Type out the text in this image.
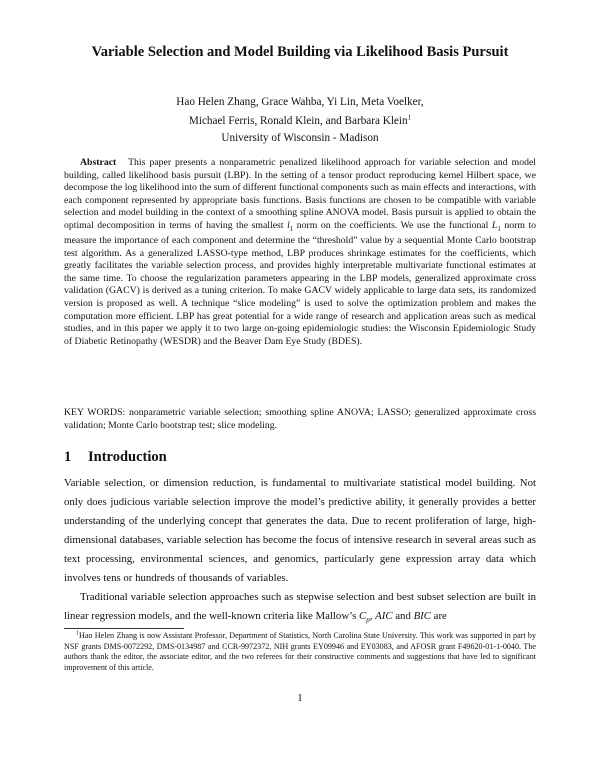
Variable Selection and Model Building via Likelihood Basis Pursuit
Hao Helen Zhang, Grace Wahba, Yi Lin, Meta Voelker,
Michael Ferris, Ronald Klein, and Barbara Klein$^1$
University of Wisconsin - Madison

Abstract This paper presents a nonparametric penalized likelihood approach for variable selection and model building, called likelihood basis pursuit (LBP). In the setting of a tensor product reproducing kernel Hilbert space, we decompose the log likelihood into the sum of different functional components such as main effects and interactions, with each component represented by appropriate basis functions. Basis functions are chosen to be compatible with variable selection and model building in the context of a smoothing spline ANOVA model. Basis pursuit is applied to obtain the optimal decomposition in terms of having the smallest $l_1$ norm on the coefficients. We use the functional $L_1$ norm to measure the importance of each component and determine the “threshold” value by a sequential Monte Carlo bootstrap test algorithm. As a generalized LASSO-type method, LBP produces shrinkage estimates for the coefficients, which greatly facilitates the variable selection process, and provides highly interpretable multivariate functional estimates at the same time. To choose the regularization parameters appearing in the LBP models, generalized approximate cross validation (GACV) is derived as a tuning criterion. To make GACV widely applicable to large data sets, its randomized version is proposed as well. A technique “slice modeling” is used to solve the optimization problem and makes the computation more efficient. LBP has great potential for a wide range of research and application areas such as medical studies, and in this paper we apply it to two large on-going epidemiologic studies: the Wisconsin Epidemiologic Study of Diabetic Retinopathy (WESDR) and the Beaver Dam Eye Study (BDES).

KEY WORDS: nonparametric variable selection; smoothing spline ANOVA; LASSO; generalized approximate cross validation; Monte Carlo bootstrap test; slice modeling.

1 Introduction

Variable selection, or dimension reduction, is fundamental to multivariate statistical model building. Not only does judicious variable selection improve the model’s predictive ability, it generally provides a better understanding of the underlying concept that generates the data. Due to recent proliferation of large, high-dimensional databases, variable selection has become the focus of intensive research in several areas such as text processing, environmental sciences, and genomics, particularly gene expression array data which involves tens or hundreds of thousands of variables.

Traditional variable selection approaches such as stepwise selection and best subset selection are built in linear regression models, and the well-known criteria like Mallow’s $C_p$, AIC and BIC are

$^1$Hao Helen Zhang is now Assistant Professor, Department of Statistics, North Carolina State University. This work was supported in part by NSF grants DMS-0072292, DMS-0134987 and CCR-9972372, NIH grants EY09946 and EY03083, and AFOSR grant F49620-01-1-0040. The authors thank the editor, the associate editor, and the two referees for their constructive comments and suggestions that have led to significant improvement of this article.

1
